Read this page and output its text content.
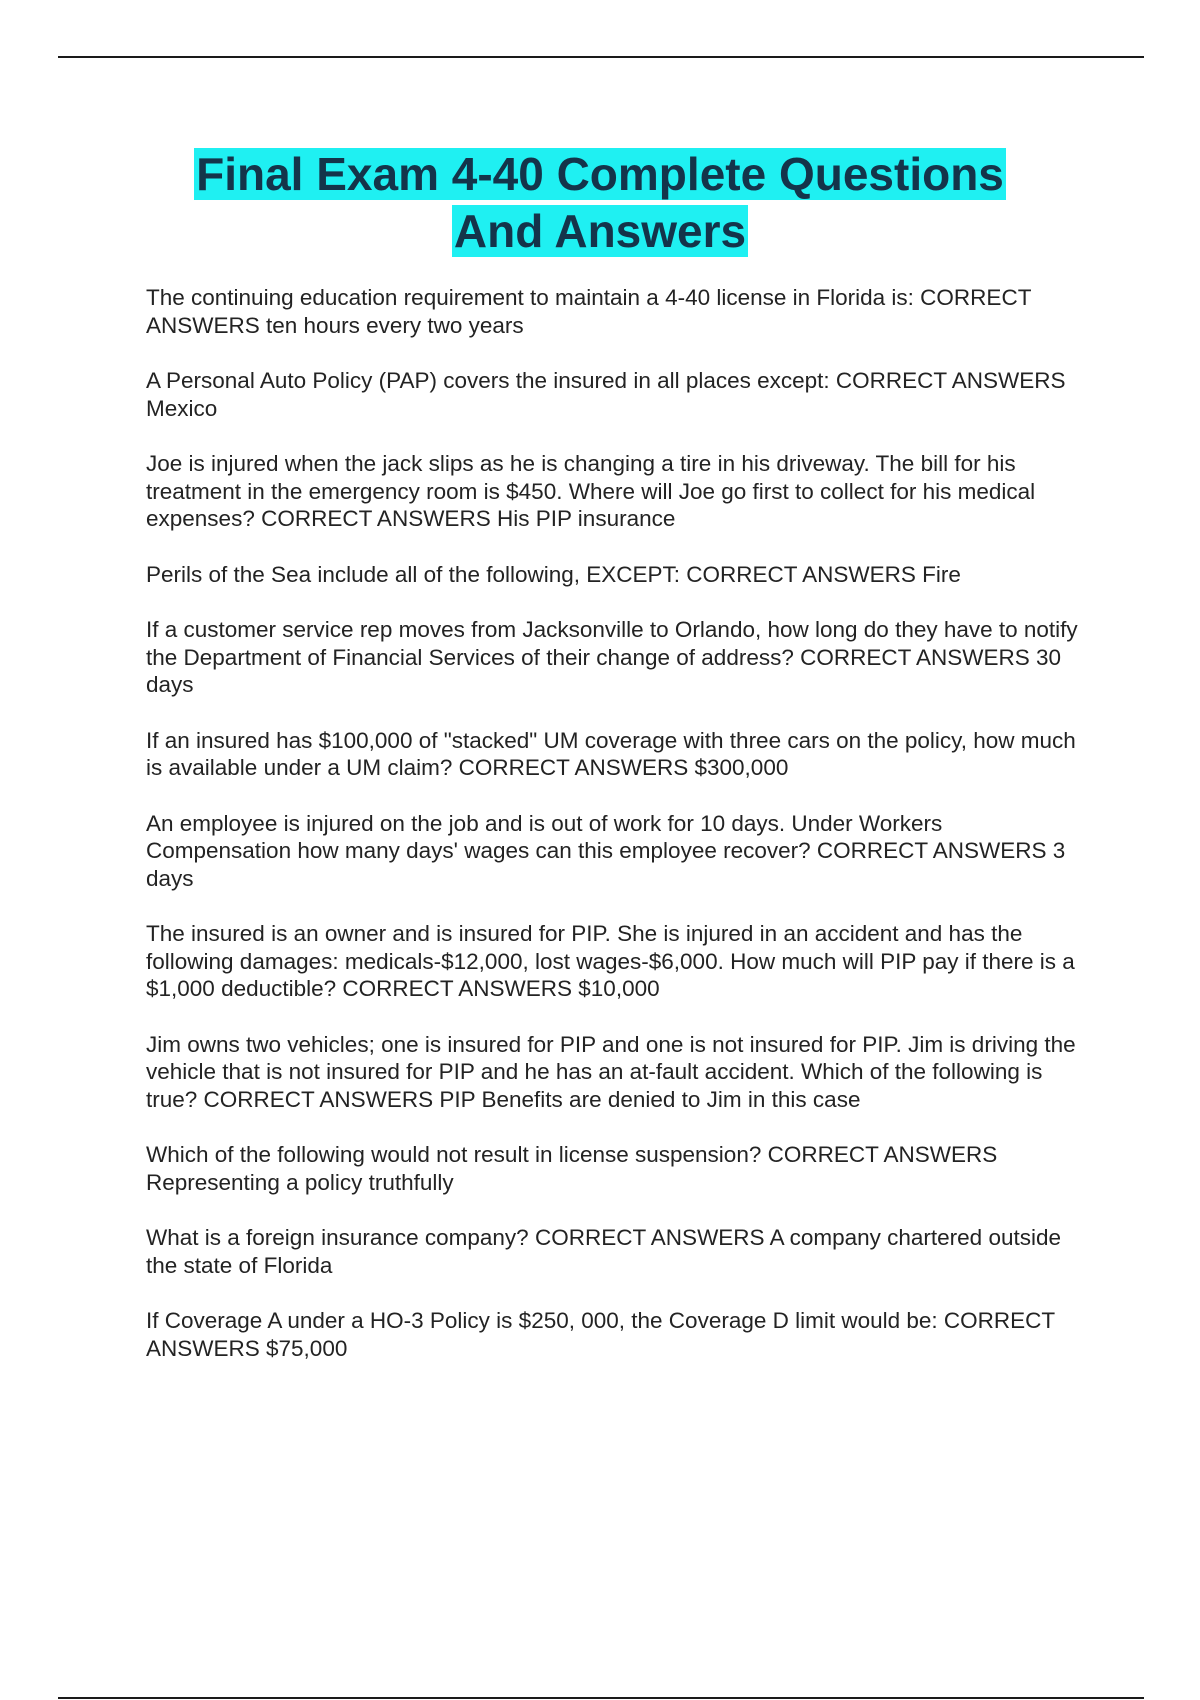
Final Exam 4-40 Complete Questions And Answers
The continuing education requirement to maintain a 4-40 license in Florida is: CORRECT ANSWERS ten hours every two years
A Personal Auto Policy (PAP) covers the insured in all places except: CORRECT ANSWERS Mexico
Joe is injured when the jack slips as he is changing a tire in his driveway. The bill for his treatment in the emergency room is $450. Where will Joe go first to collect for his medical expenses? CORRECT ANSWERS His PIP insurance
Perils of the Sea include all of the following, EXCEPT: CORRECT ANSWERS Fire
If a customer service rep moves from Jacksonville to Orlando, how long do they have to notify the Department of Financial Services of their change of address? CORRECT ANSWERS 30 days
If an insured has $100,000 of "stacked" UM coverage with three cars on the policy, how much is available under a UM claim? CORRECT ANSWERS $300,000
An employee is injured on the job and is out of work for 10 days. Under Workers Compensation how many days' wages can this employee recover? CORRECT ANSWERS 3 days
The insured is an owner and is insured for PIP. She is injured in an accident and has the following damages: medicals-$12,000, lost wages-$6,000. How much will PIP pay if there is a $1,000 deductible? CORRECT ANSWERS $10,000
Jim owns two vehicles; one is insured for PIP and one is not insured for PIP. Jim is driving the vehicle that is not insured for PIP and he has an at-fault accident. Which of the following is true? CORRECT ANSWERS PIP Benefits are denied to Jim in this case
Which of the following would not result in license suspension? CORRECT ANSWERS Representing a policy truthfully
What is a foreign insurance company? CORRECT ANSWERS A company chartered outside the state of Florida
If Coverage A under a HO-3 Policy is $250, 000, the Coverage D limit would be: CORRECT ANSWERS $75,000
